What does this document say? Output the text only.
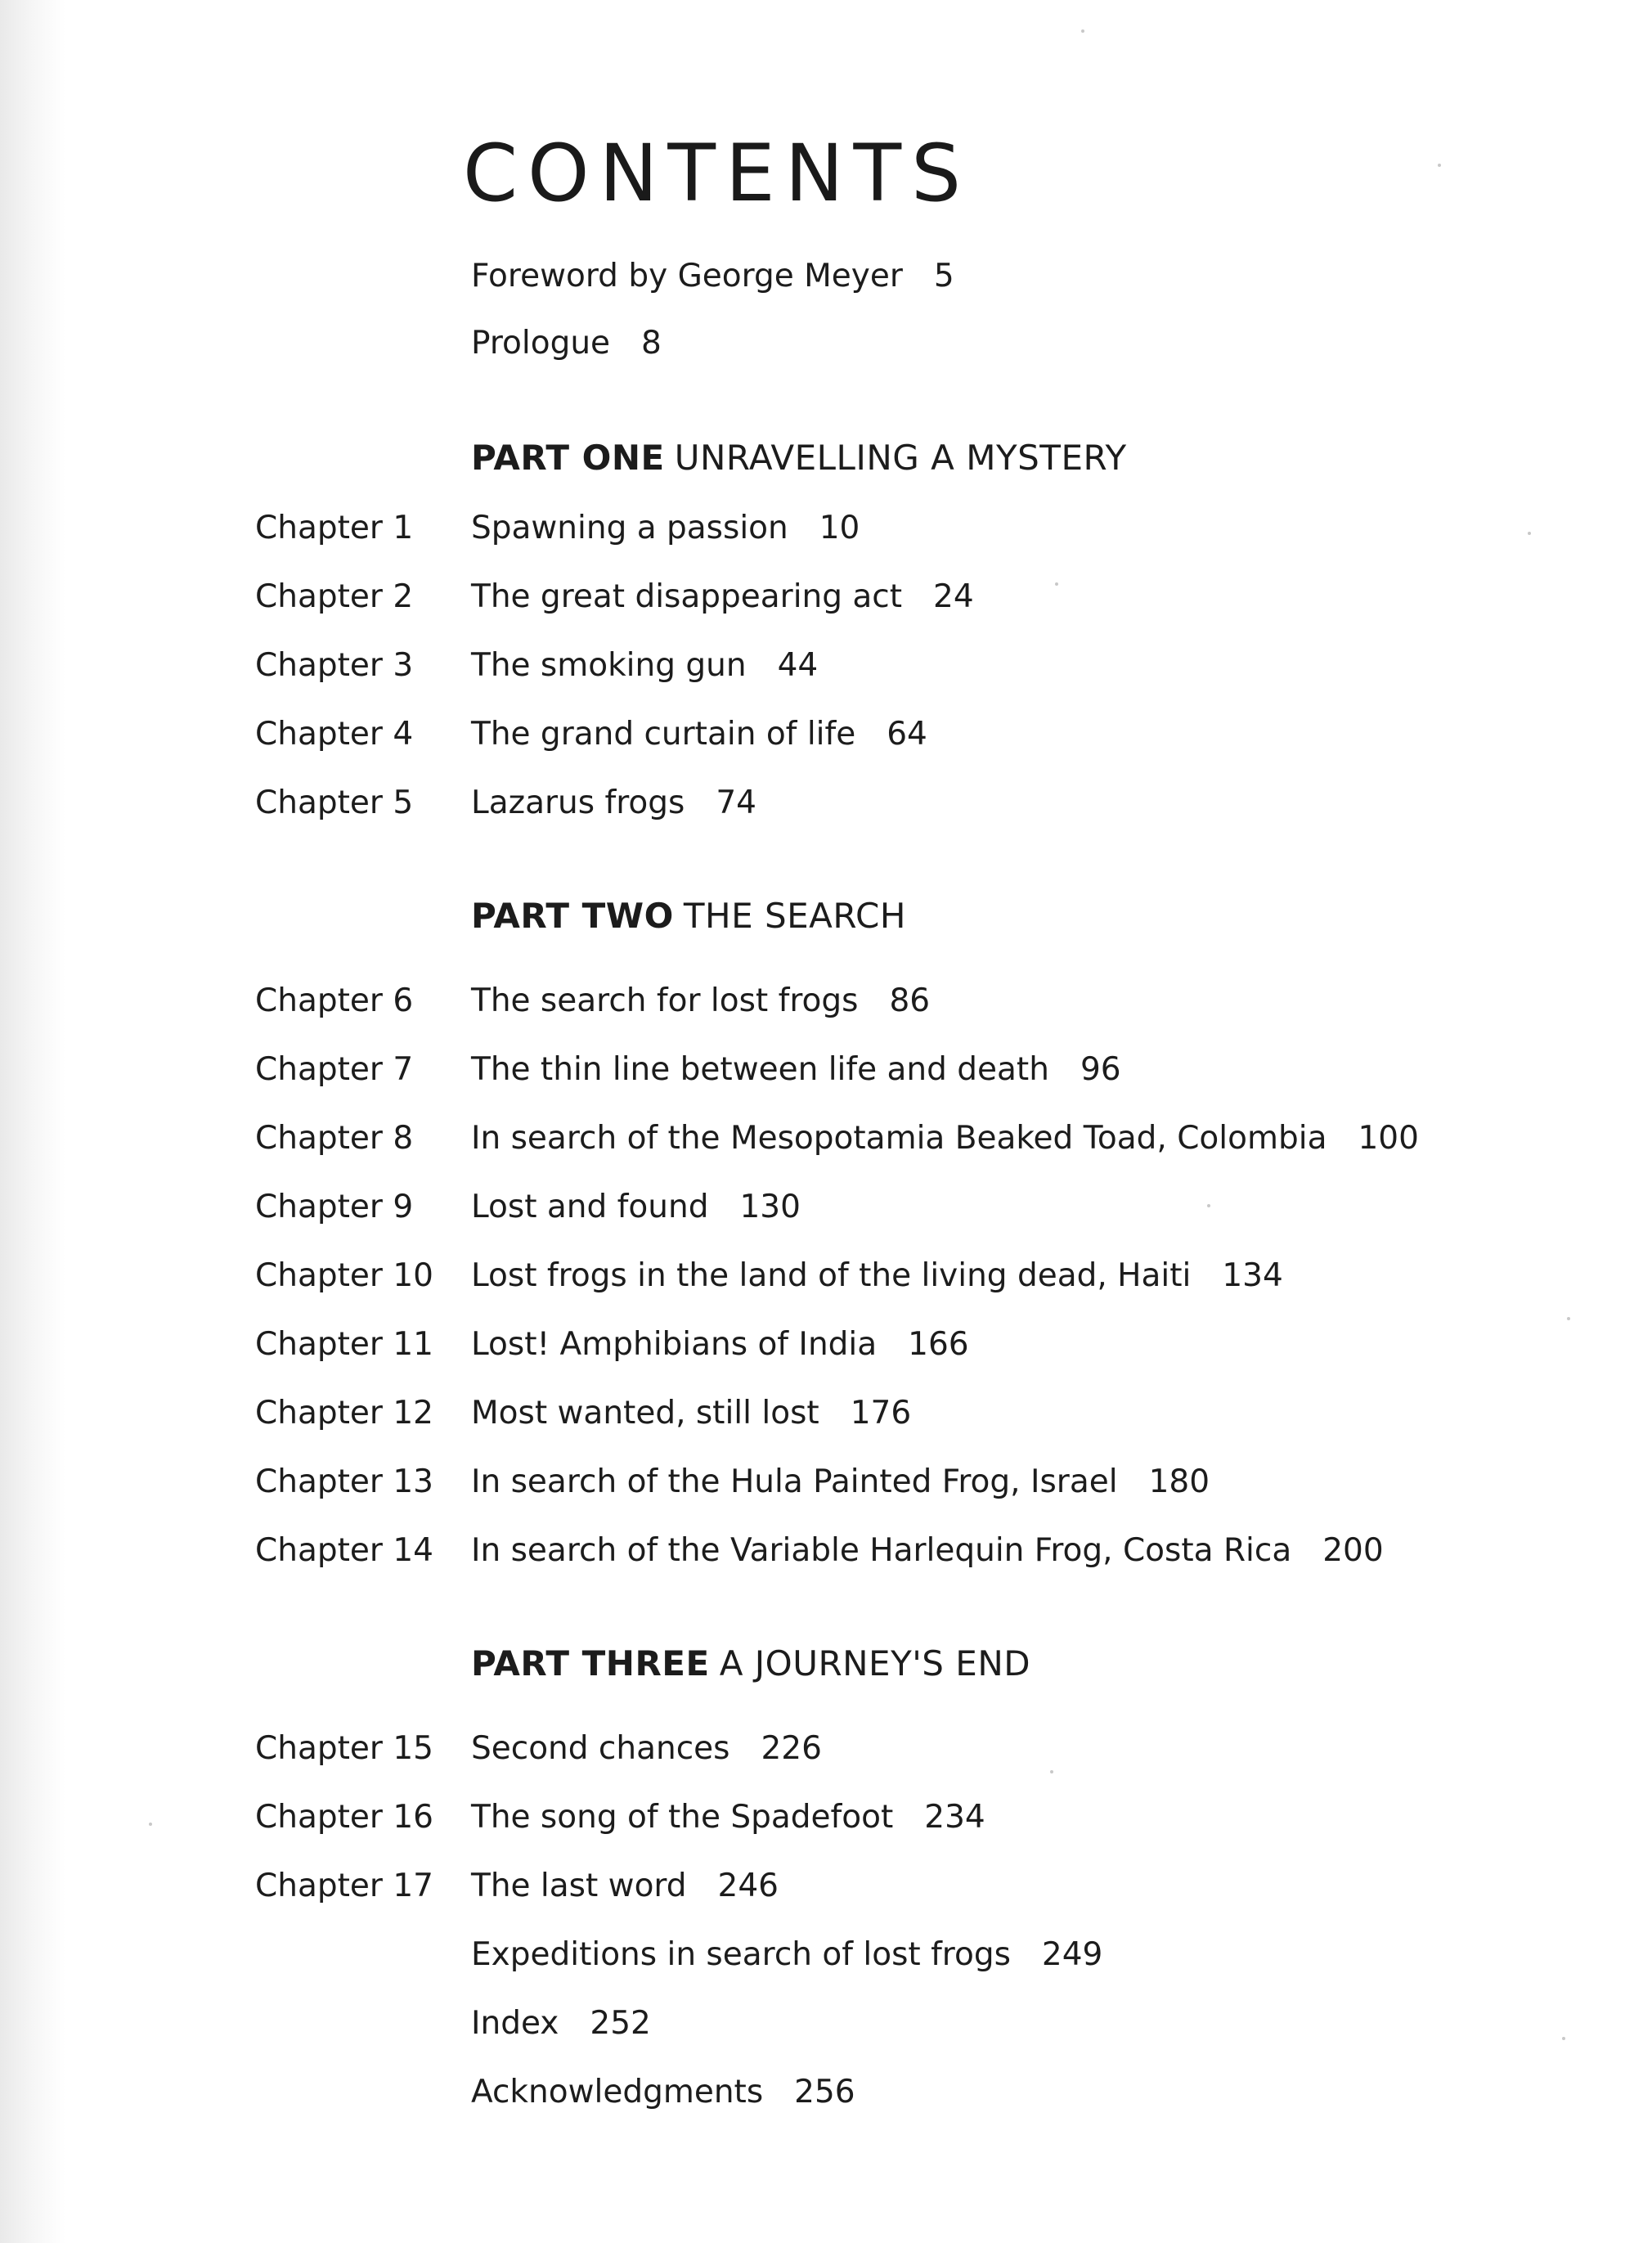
CONTENTS
Foreword by George Meyer 5
Prologue 8
PART ONE UNRAVELLING A MYSTERY
Chapter 1 Spawning a passion 10
Chapter 2 The great disappearing act 24
Chapter 3 The smoking gun 44
Chapter 4 The grand curtain of life 64
Chapter 5 Lazarus frogs 74
PART TWO THE SEARCH
Chapter 6 The search for lost frogs 86
Chapter 7 The thin line between life and death 96
Chapter 8 In search of the Mesopotamia Beaked Toad, Colombia 100
Chapter 9 Lost and found 130
Chapter 10 Lost frogs in the land of the living dead, Haiti 134
Chapter 11 Lost! Amphibians of India 166
Chapter 12 Most wanted, still lost 176
Chapter 13 In search of the Hula Painted Frog, Israel 180
Chapter 14 In search of the Variable Harlequin Frog, Costa Rica 200
PART THREE A JOURNEY'S END
Chapter 15 Second chances 226
Chapter 16 The song of the Spadefoot 234
Chapter 17 The last word 246
Expeditions in search of lost frogs 249
Index 252
Acknowledgments 256
